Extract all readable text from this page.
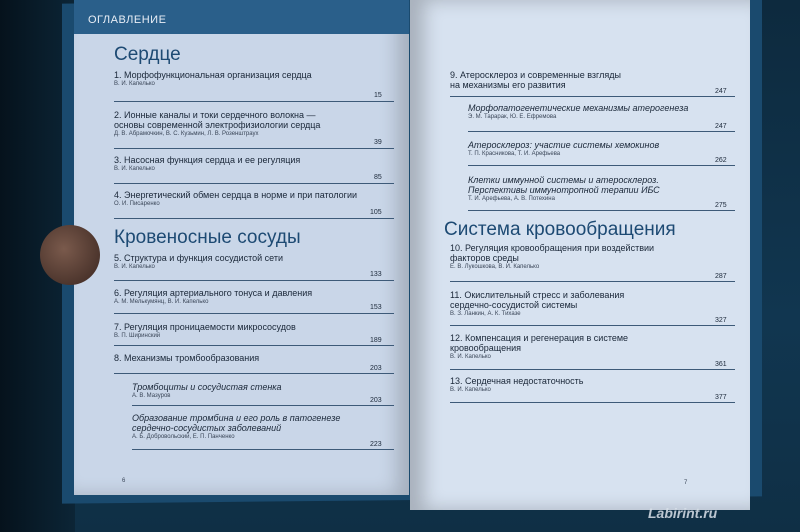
ОГЛАВЛЕНИЕ
Сердце
1. Морфофункциональная организация сердца
В. И. Капелько
15
2. Ионные каналы и токи сердечного волокна —
основы современной электрофизиологии сердца
Д. В. Абрамочкин, В. С. Кузьмин, Л. В. Розенштраух
39
3. Насосная функция сердца и ее регуляция
В. И. Капелько
85
4. Энергетический обмен сердца в норме и при патологии
О. И. Писаренко
105
Кровеносные сосуды
5. Структура и функция сосудистой сети
В. И. Капелько
133
6. Регуляция артериального тонуса и давления
А. М. Мелькумянц, В. И. Капелько
153
7. Регуляция проницаемости микрососудов
В. П. Ширинский
189
8. Механизмы тромбообразования
203
Тромбоциты и сосудистая стенка
А. В. Мазуров
203
Образование тромбина и его роль в патогенезе
сердечно-сосудистых заболеваний
А. Б. Добровольский, Е. П. Панченко
223
6
9. Атеросклероз и современные взгляды
на механизмы его развития
247
Морфопатогенетические механизмы атерогенеза
Э. М. Тарарак, Ю. Е. Ефремова
247
Атеросклероз: участие системы хемокинов
Т. П. Красникова, Т. И. Арефьева
262
Клетки иммунной системы и атеросклероз.
Перспективы иммунотропной терапии ИБС
Т. И. Арефьева, А. В. Потехина
275
Система кровообращения
10. Регуляция кровообращения при воздействии
факторов среды
Е. В. Лукошкова, В. И. Капелько
287
11. Окислительный стресс и заболевания
сердечно-сосудистой системы
В. З. Ланкин, А. К. Тихазе
327
12. Компенсация и регенерация в системе
кровообращения
В. И. Капелько
361
13. Сердечная недостаточность
В. И. Капелько
377
7
Labirint.ru
